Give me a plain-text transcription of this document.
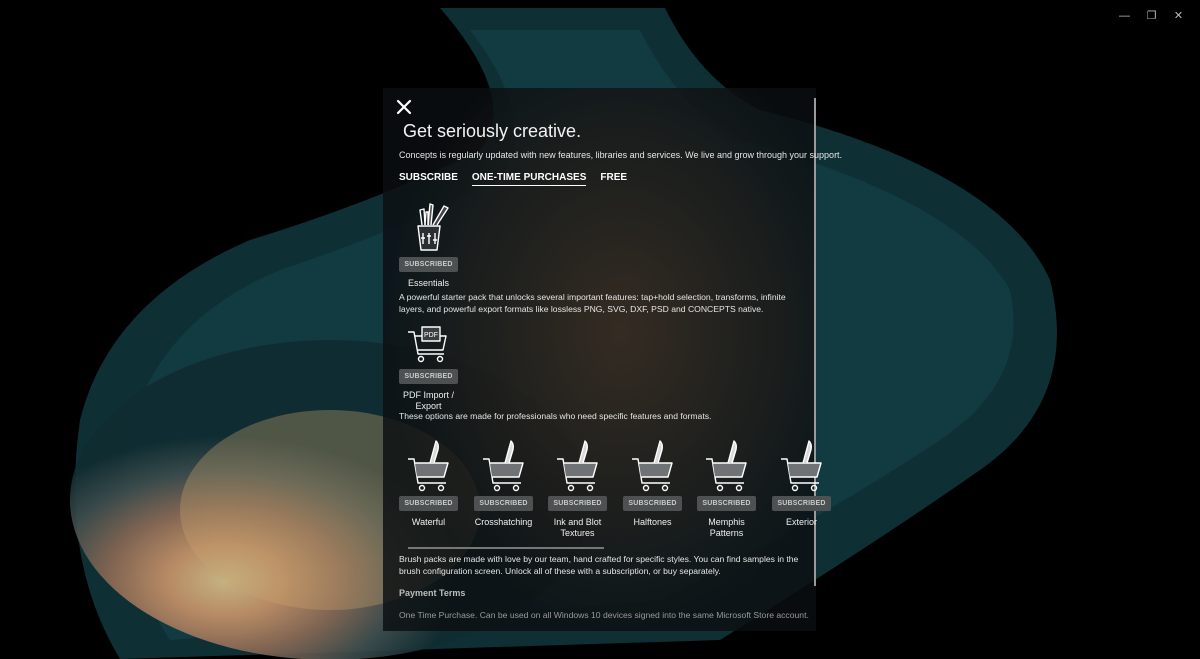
—	❐	✕
Get seriously creative.
Concepts is regularly updated with new features, libraries and services. We live and grow through your support.
SUBSCRIBE ONE-TIME PURCHASES FREE
SUBSCRIBED
Essentials
A powerful starter pack that unlocks several important features: tap+hold selection, transforms, infinite layers, and powerful export formats like lossless PNG, SVG, DXF, PSD and CONCEPTS native.
PDF
SUBSCRIBED
PDF Import / Export
These options are made for professionals who need specific features and formats.
SUBSCRIBED
Waterful
SUBSCRIBED
Crosshatching
SUBSCRIBED
Ink and Blot Textures
SUBSCRIBED
Halftones
SUBSCRIBED
Memphis Patterns
SUBSCRIBED
Exterior
Brush packs are made with love by our team, hand crafted for specific styles. You can find samples in the brush configuration screen. Unlock all of these with a subscription, or buy separately.
Payment Terms
One Time Purchase. Can be used on all Windows 10 devices signed into the same Microsoft Store account.
